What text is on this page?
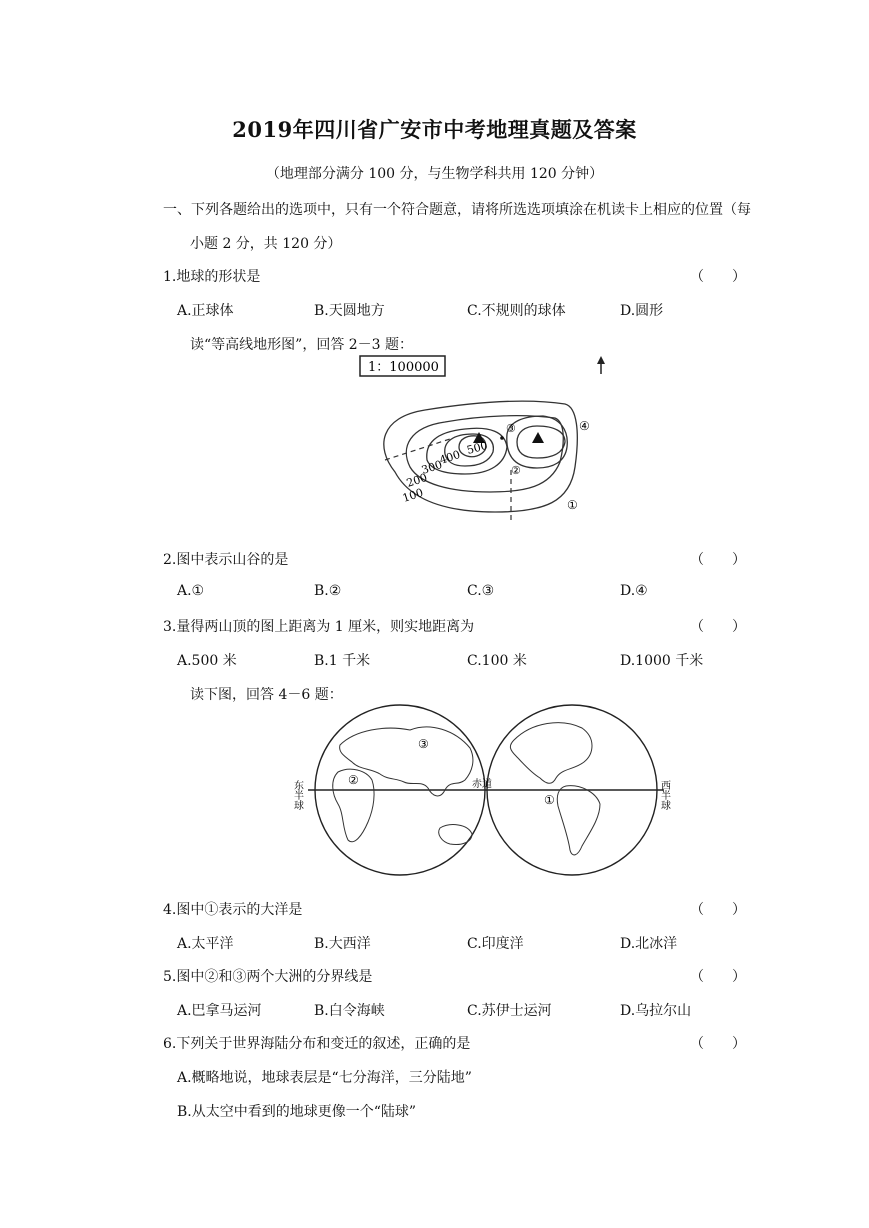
2019年四川省广安市中考地理真题及答案
（地理部分满分 100 分，与生物学科共用 120 分钟）
一、下列各题给出的选项中，只有一个符合题意，请将所选选项填涂在机读卡上相应的位置（每
小题 2 分，共 120 分）
1.地球的形状是	（　　）
A.正球体	B.天圆地方	C.不规则的球体	D.圆形
读“等高线地形图”，回答 2－3 题：
1：100000
500
400
300
200
100
③
②
④
①
2.图中表示山谷的是	（　　）
A.①	B.②	C.③	D.④
3.量得两山顶的图上距离为 1 厘米，则实地距离为	（　　）
A.500 米	B.1 千米	C.100 米	D.1000 千米
读下图，回答 4－6 题：
东半球	西半球
赤道
①
②
③
4.图中①表示的大洋是	（　　）
A.太平洋	B.大西洋	C.印度洋	D.北冰洋
5.图中②和③两个大洲的分界线是	（　　）
A.巴拿马运河	B.白令海峡	C.苏伊士运河	D.乌拉尔山
6.下列关于世界海陆分布和变迁的叙述，正确的是	（　　）
A.概略地说，地球表层是“七分海洋，三分陆地”
B.从太空中看到的地球更像一个“陆球”
